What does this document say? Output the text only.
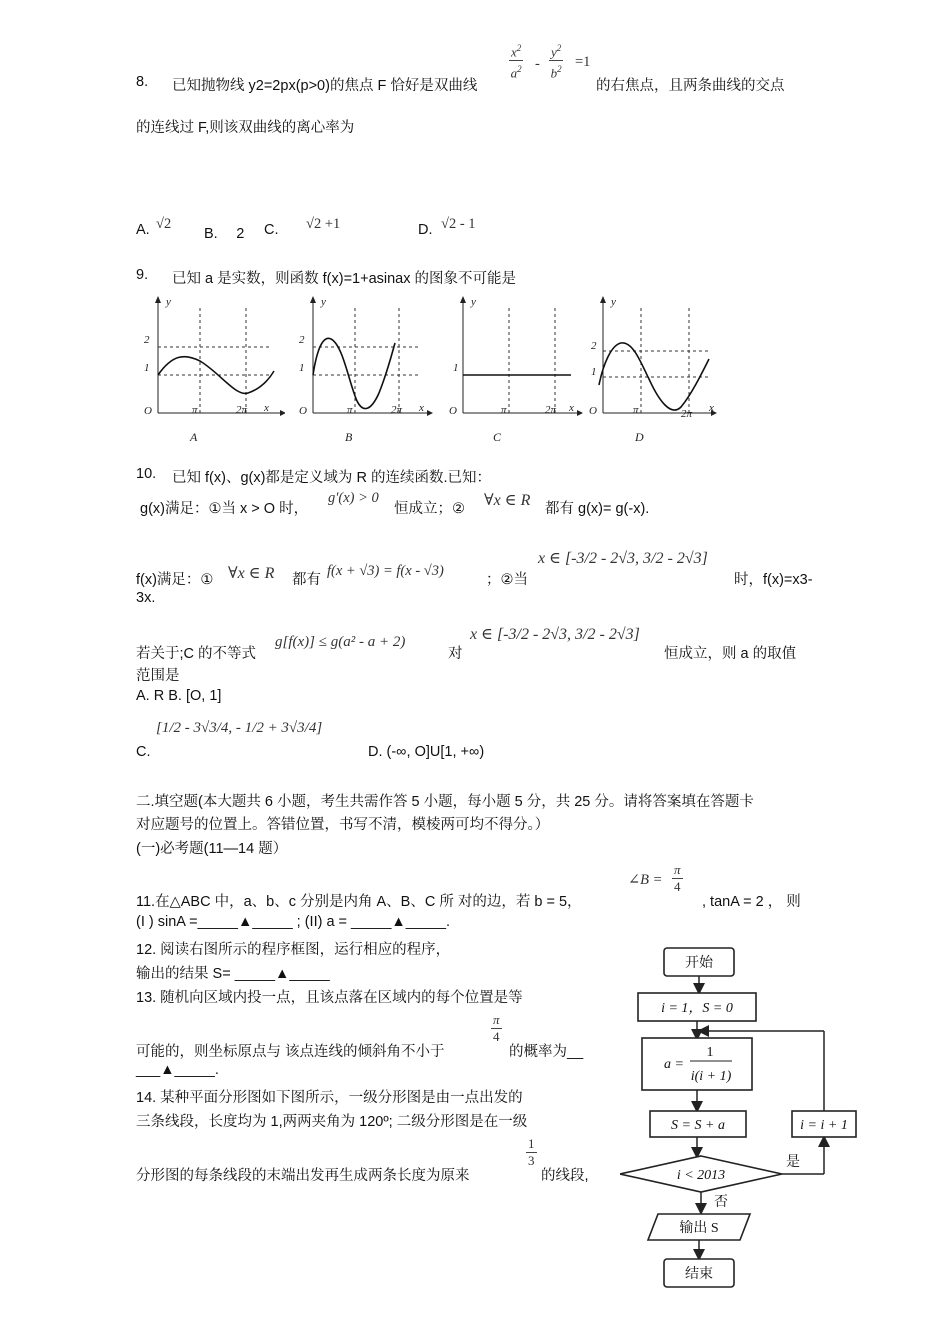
8. 已知抛物线 y2=2px(p>0)的焦点 F 恰好是双曲线
$\frac{x^2}{a^2} - \frac{y^2}{b^2} =1$
的右焦点，且两条曲线的交点
的连线过 F,则该双曲线的离心率为
A. √2
B.　 2 C. √2 +1	D. √2 - 1
9. 已知 a 是实数，则函数 f(x)=1+asinax 的图象不可能是
y
x
O
2
1
π	2π
A
y
x
O
2
1
π	2π
B
y
x
O
1
π	2π
C
y
x
O
2
1
π	2π
D
10. 已知 f(x)、g(x)都是定义域为 R 的连续函数.已知：
g(x)满足：①当 x > O 时，
g′(x) > 0
恒成立；② ∀x ∈ R 都有 g(x)= g(-x).
f(x)满足：① ∀x ∈ R 都有
f(x + √3) = f(x - √3)
；②当
x ∈ [-3/2 - 2√3, 3/2 - 2√3]
时，f(x)=x3-
3x.
若关于;C 的不等式
g[f(x)] ≤ g(a² - a + 2)
对
x ∈ [-3/2 - 2√3, 3/2 - 2√3]
恒成立，则 a 的取值
范围是
A. R B. [O, 1]
C.
[1/2 - 3√3/4, - 1/2 + 3√3/4]
D. (-∞, O]U[1, +∞)
二.填空题(本大题共 6 小题，考生共需作答 5 小题，每小题 5 分，共 25 分。请将答案填在答题卡
对应题号的位置上。答错位置，书写不清，模棱两可均不得分。）
(一)必考题(11—14 题）
11.在△ABC 中，a、b、c 分别是内角 A、B、C 所 对的边，若 b = 5，
∠B = $\frac{\pi}{4}$
, tanA = 2 ， 则
(I ) sinA =_____▲_____ ; (II) a = _____▲_____.
12. 阅读右图所示的程序框图，运行相应的程序，
输出的结果 S= _____▲_____
13. 随机向区域内投一点，且该点落在区域内的每个位置是等
可能的，则坐标原点与 该点连线的倾斜角不小于
$\frac{\pi}{4}$
的概率为__
___▲_____.
14. 某种平面分形图如下图所示，一级分形图是由一点出发的
三条线段，长度均为 1,两两夹角为 120º; 二级分形图是在一级
分形图的每条线段的末端出发再生成两条长度为原来
$\frac{1}{3}$
的线段,
开始
i = 1，S = 0
a =
1
i(i + 1)
S = S + a
i < 2013
是
i = i + 1
否
输出 S
结束
